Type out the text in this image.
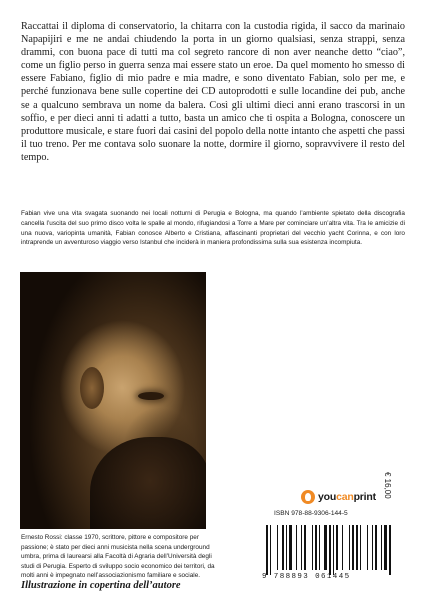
Raccattai il diploma di conservatorio, la chitarra con la custodia rigida, il sacco da marinaio Napapijiri e me ne andai chiudendo la porta in un giorno qualsiasi, senza strappi, senza drammi, con buona pace di tutti ma col segreto rancore di non aver neanche detto “ciao”, come un figlio perso in guerra senza mai essere stato un eroe. Da quel momento ho smesso di essere Fabiano, figlio di mio padre e mia madre, e sono diventato Fabian, solo per me, e perché funzionava bene sulle copertine dei CD autoprodotti e sulle locandine dei pub, anche se a qualcuno sembrava un nome da balera. Così gli ultimi dieci anni erano trascorsi in un soffio, e per dieci anni ti adatti a tutto, basta un amico che ti ospita a Bologna, conoscere un produttore musicale, e stare fuori dai casini del popolo della notte intanto che aspetti che passi il tuo treno. Per me contava solo suonare la notte, dormire il giorno, sopravvivere il resto del tempo.

Fabian vive una vita svagata suonando nei locali notturni di Perugia e Bologna, ma quando l’ambiente spietato della discografia cancella l’uscita del suo primo disco volta le spalle al mondo, rifugiandosi a Torre a Mare per cominciare un’altra vita. Tra le amicizie di una nuova, variopinta umanità, Fabian conosce Alberto e Cristiana, affascinanti proprietari del vecchio yacht Corinna, e con loro intraprende un avventuroso viaggio verso Istanbul che inciderà in maniera profondissima sulla sua esistenza incompiuta.

Ernesto Rossi: classe 1970, scrittore, pittore e compositore per passione; è stato per dieci anni musicista nella scena underground umbra, prima di laurearsi alla Facoltà di Agraria dell’Università degli studi di Perugia. Esperto di sviluppo socio economico dei territori, da molti anni è impegnato nell’associazionismo familiare e sociale.

Illustrazione in copertina dell’autore

€ 16,00
youcanprint
ISBN 978-88-9306-144-5
9 788893 061445
